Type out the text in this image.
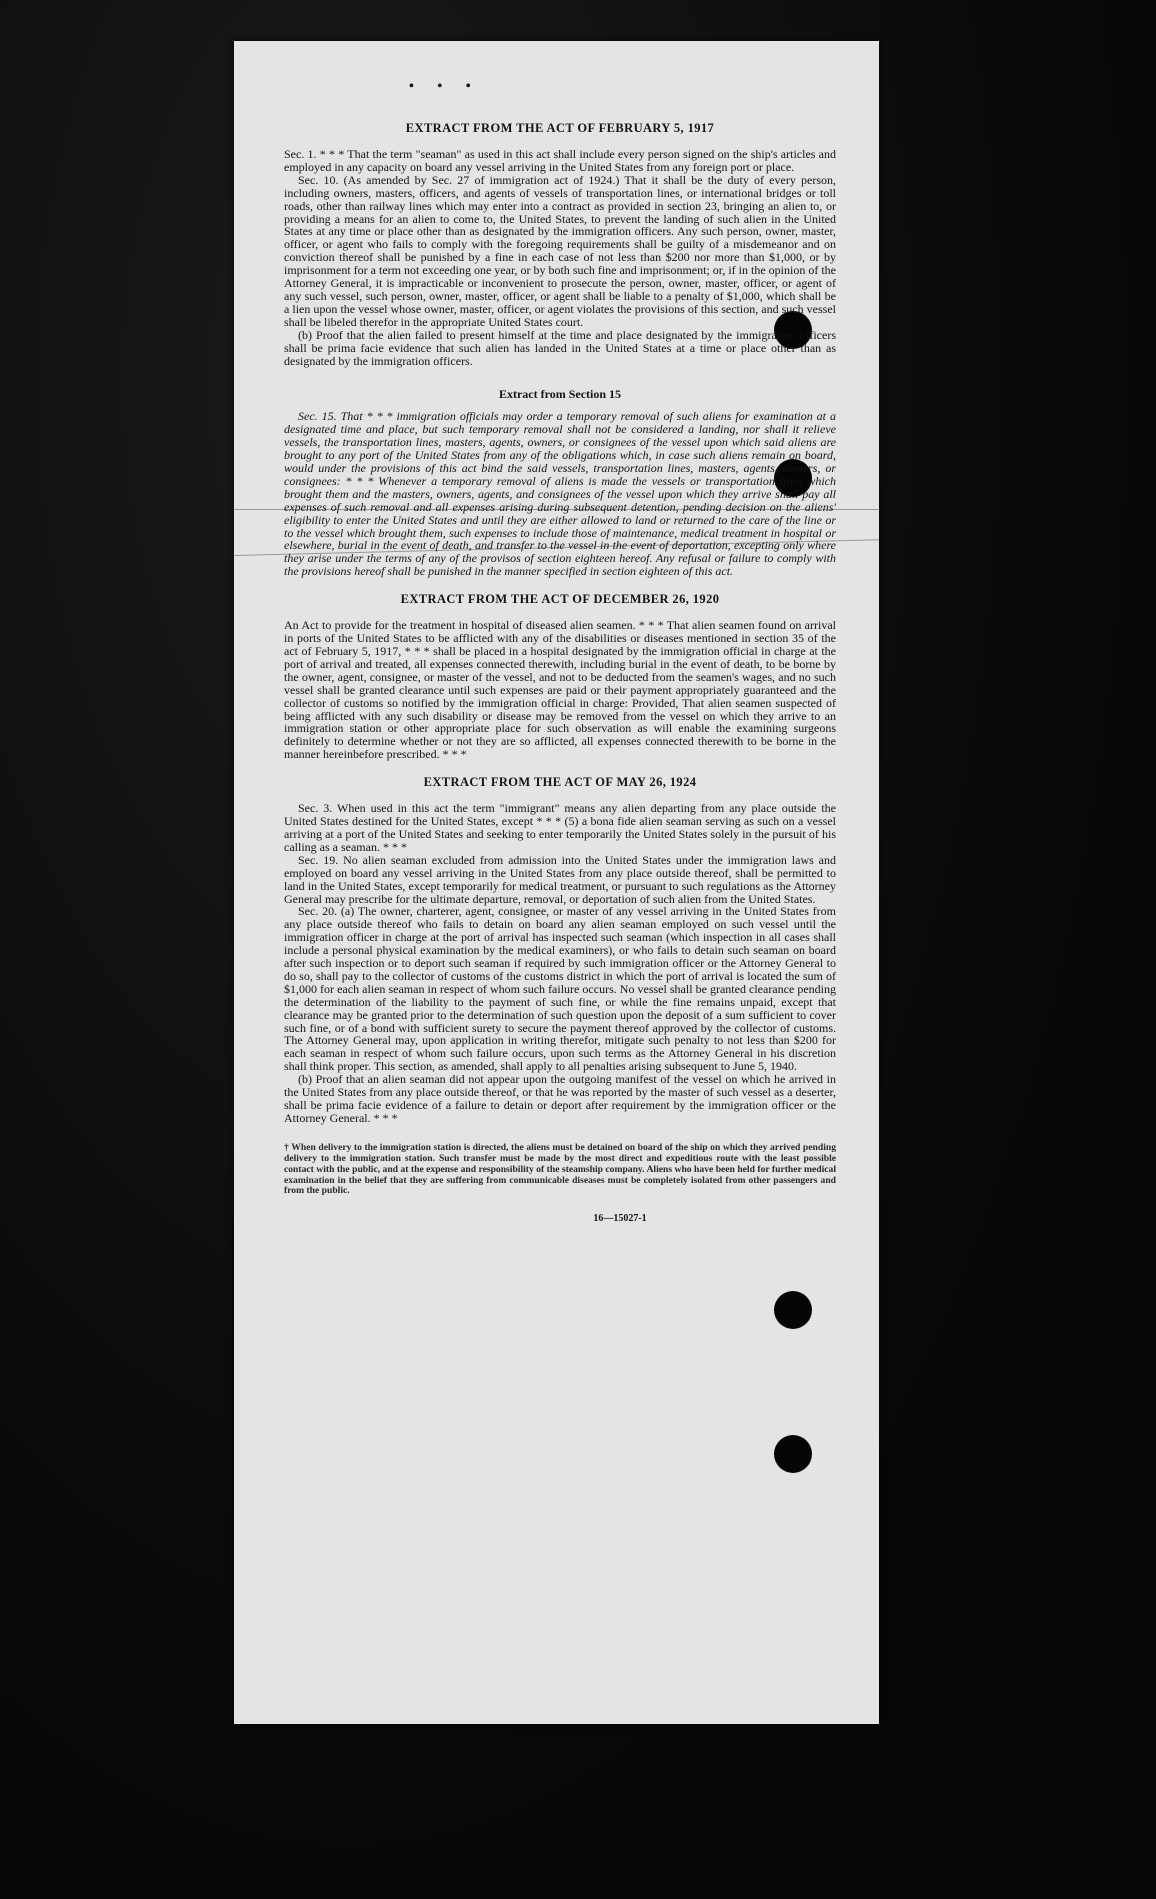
• • •
EXTRACT FROM THE ACT OF FEBRUARY 5, 1917

Sec. 1. * * * That the term "seaman" as used in this act shall include every person signed on the ship's articles and employed in any capacity on board any vessel arriving in the United States from any foreign port or place.

Sec. 10. (As amended by Sec. 27 of immigration act of 1924.) That it shall be the duty of every person, including owners, masters, officers, and agents of vessels of transportation lines, or international bridges or toll roads, other than railway lines which may enter into a contract as provided in section 23, bringing an alien to, or providing a means for an alien to come to, the United States, to prevent the landing of such alien in the United States at any time or place other than as designated by the immigration officers. Any such person, owner, master, officer, or agent who fails to comply with the foregoing requirements shall be guilty of a misdemeanor and on conviction thereof shall be punished by a fine in each case of not less than $200 nor more than $1,000, or by imprisonment for a term not exceeding one year, or by both such fine and imprisonment; or, if in the opinion of the Attorney General, it is impracticable or inconvenient to prosecute the person, owner, master, officer, or agent of any such vessel, such person, owner, master, officer, or agent shall be liable to a penalty of $1,000, which shall be a lien upon the vessel whose owner, master, officer, or agent violates the provisions of this section, and such vessel shall be libeled therefor in the appropriate United States court.

(b) Proof that the alien failed to present himself at the time and place designated by the immigration officers shall be prima facie evidence that such alien has landed in the United States at a time or place other than as designated by the immigration officers.

Extract from Section 15

Sec. 15. That * * * immigration officials may order a temporary removal of such aliens for examination at a designated time and place, but such temporary removal shall not be considered a landing, nor shall it relieve vessels, the transportation lines, masters, agents, owners, or consignees of the vessel upon which said aliens are brought to any port of the United States from any of the obligations which, in case such aliens remain on board, would under the provisions of this act bind the said vessels, transportation lines, masters, agents, owners, or consignees: * * * Whenever a temporary removal of aliens is made the vessels or transportation lines which brought them and the masters, owners, agents, and consignees of the vessel upon which they arrive shall pay all expenses of such removal and all expenses arising during subsequent detention, pending decision on the aliens' eligibility to enter the United States and until they are either allowed to land or returned to the care of the line or to the vessel which brought them, such expenses to include those of maintenance, medical treatment in hospital or elsewhere, burial in the event of death, and transfer to the vessel in the event of deportation, excepting only where they arise under the terms of any of the provisos of section eighteen hereof. Any refusal or failure to comply with the provisions hereof shall be punished in the manner specified in section eighteen of this act.

EXTRACT FROM THE ACT OF DECEMBER 26, 1920

An Act to provide for the treatment in hospital of diseased alien seamen. * * * That alien seamen found on arrival in ports of the United States to be afflicted with any of the disabilities or diseases mentioned in section 35 of the act of February 5, 1917, * * * shall be placed in a hospital designated by the immigration official in charge at the port of arrival and treated, all expenses connected therewith, including burial in the event of death, to be borne by the owner, agent, consignee, or master of the vessel, and not to be deducted from the seamen's wages, and no such vessel shall be granted clearance until such expenses are paid or their payment appropriately guaranteed and the collector of customs so notified by the immigration official in charge: Provided, That alien seamen suspected of being afflicted with any such disability or disease may be removed from the vessel on which they arrive to an immigration station or other appropriate place for such observation as will enable the examining surgeons definitely to determine whether or not they are so afflicted, all expenses connected therewith to be borne in the manner hereinbefore prescribed. * * *

EXTRACT FROM THE ACT OF MAY 26, 1924

Sec. 3. When used in this act the term "immigrant" means any alien departing from any place outside the United States destined for the United States, except * * * (5) a bona fide alien seaman serving as such on a vessel arriving at a port of the United States and seeking to enter temporarily the United States solely in the pursuit of his calling as a seaman. * * *

Sec. 19. No alien seaman excluded from admission into the United States under the immigration laws and employed on board any vessel arriving in the United States from any place outside thereof, shall be permitted to land in the United States, except temporarily for medical treatment, or pursuant to such regulations as the Attorney General may prescribe for the ultimate departure, removal, or deportation of such alien from the United States.

Sec. 20. (a) The owner, charterer, agent, consignee, or master of any vessel arriving in the United States from any place outside thereof who fails to detain on board any alien seaman employed on such vessel until the immigration officer in charge at the port of arrival has inspected such seaman (which inspection in all cases shall include a personal physical examination by the medical examiners), or who fails to detain such seaman on board after such inspection or to deport such seaman if required by such immigration officer or the Attorney General to do so, shall pay to the collector of customs of the customs district in which the port of arrival is located the sum of $1,000 for each alien seaman in respect of whom such failure occurs. No vessel shall be granted clearance pending the determination of the liability to the payment of such fine, or while the fine remains unpaid, except that clearance may be granted prior to the determination of such question upon the deposit of a sum sufficient to cover such fine, or of a bond with sufficient surety to secure the payment thereof approved by the collector of customs. The Attorney General may, upon application in writing therefor, mitigate such penalty to not less than $200 for each seaman in respect of whom such failure occurs, upon such terms as the Attorney General in his discretion shall think proper. This section, as amended, shall apply to all penalties arising subsequent to June 5, 1940.

(b) Proof that an alien seaman did not appear upon the outgoing manifest of the vessel on which he arrived in the United States from any place outside thereof, or that he was reported by the master of such vessel as a deserter, shall be prima facie evidence of a failure to detain or deport after requirement by the immigration officer or the Attorney General. * * *

† When delivery to the immigration station is directed, the aliens must be detained on board of the ship on which they arrived pending delivery to the immigration station. Such transfer must be made by the most direct and expeditious route with the least possible contact with the public, and at the expense and responsibility of the steamship company. Aliens who have been held for further medical examination in the belief that they are suffering from communicable diseases must be completely isolated from other passengers and from the public.
16—15027-1
